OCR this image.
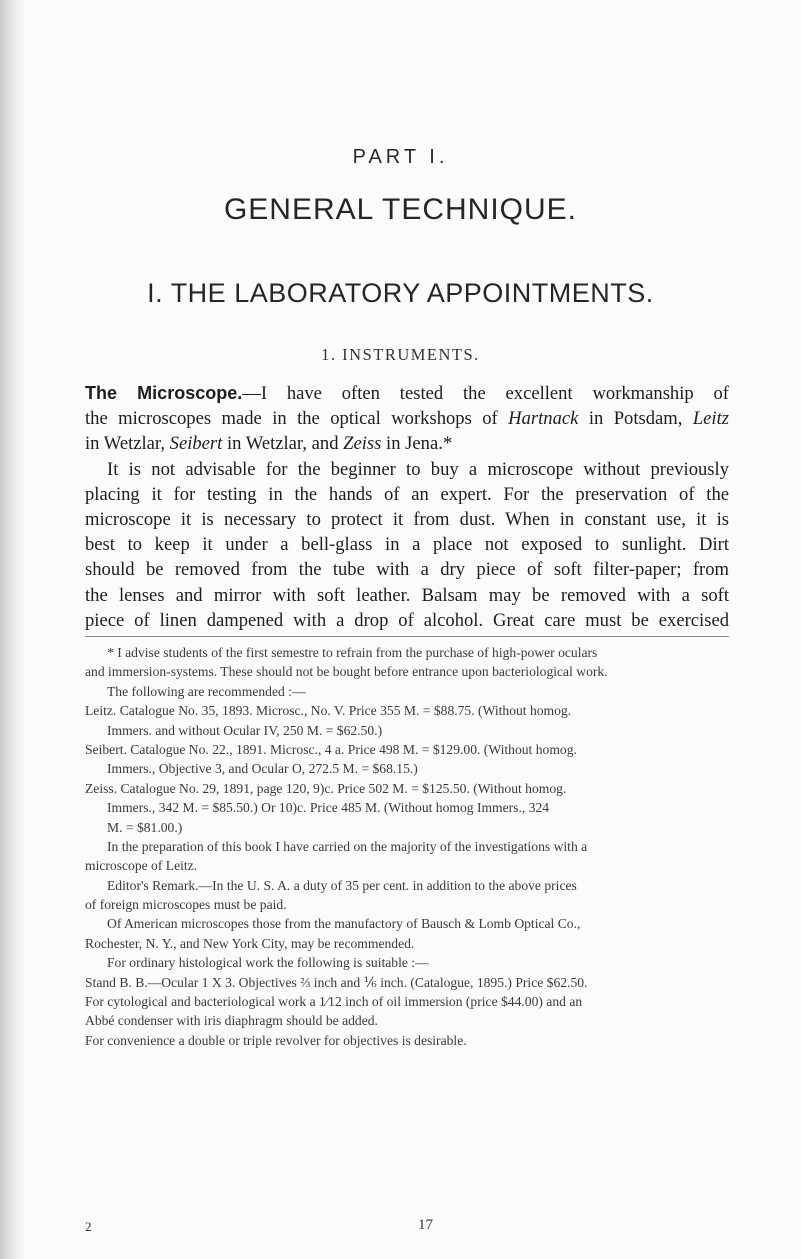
PART I.
GENERAL TECHNIQUE.
I. THE LABORATORY APPOINTMENTS.
1. INSTRUMENTS.
The Microscope.—I have often tested the excellent workmanship of
the microscopes made in the optical workshops of Hartnack in Potsdam, Leitz
in Wetzlar, Seibert in Wetzlar, and Zeiss in Jena.*
It is not advisable for the beginner to buy a microscope without previously
placing it for testing in the hands of an expert. For the preservation of the
microscope it is necessary to protect it from dust. When in constant use, it is
best to keep it under a bell-glass in a place not exposed to sunlight. Dirt
should be removed from the tube with a dry piece of soft filter-paper; from
the lenses and mirror with soft leather. Balsam may be removed with a soft
piece of linen dampened with a drop of alcohol. Great care must be exercised
* I advise students of the first semestre to refrain from the purchase of high-power oculars
and immersion-systems. These should not be bought before entrance upon bacteriological work.
The following are recommended :—
Leitz. Catalogue No. 35, 1893. Microsc., No. V. Price 355 M. = $88.75. (Without homog.
Immers. and without Ocular IV, 250 M. = $62.50.)
Seibert. Catalogue No. 22., 1891. Microsc., 4 a. Price 498 M. = $129.00. (Without homog.
Immers., Objective 3, and Ocular O, 272.5 M. = $68.15.)
Zeiss. Catalogue No. 29, 1891, page 120, 9)c. Price 502 M. = $125.50. (Without homog.
Immers., 342 M. = $85.50.) Or 10)c. Price 485 M. (Without homog Immers., 324
M. = $81.00.)
In the preparation of this book I have carried on the majority of the investigations with a
microscope of Leitz.
Editor's Remark.—In the U. S. A. a duty of 35 per cent. in addition to the above prices
of foreign microscopes must be paid.
Of American microscopes those from the manufactory of Bausch & Lomb Optical Co.,
Rochester, N. Y., and New York City, may be recommended.
For ordinary histological work the following is suitable :—
Stand B. B.—Ocular 1 X 3. Objectives ⅔ inch and ⅙ inch. (Catalogue, 1895.) Price $62.50.
For cytological and bacteriological work a 1⁄12 inch of oil immersion (price $44.00) and an
Abbé condenser with iris diaphragm should be added.
For convenience a double or triple revolver for objectives is desirable.
2	17
